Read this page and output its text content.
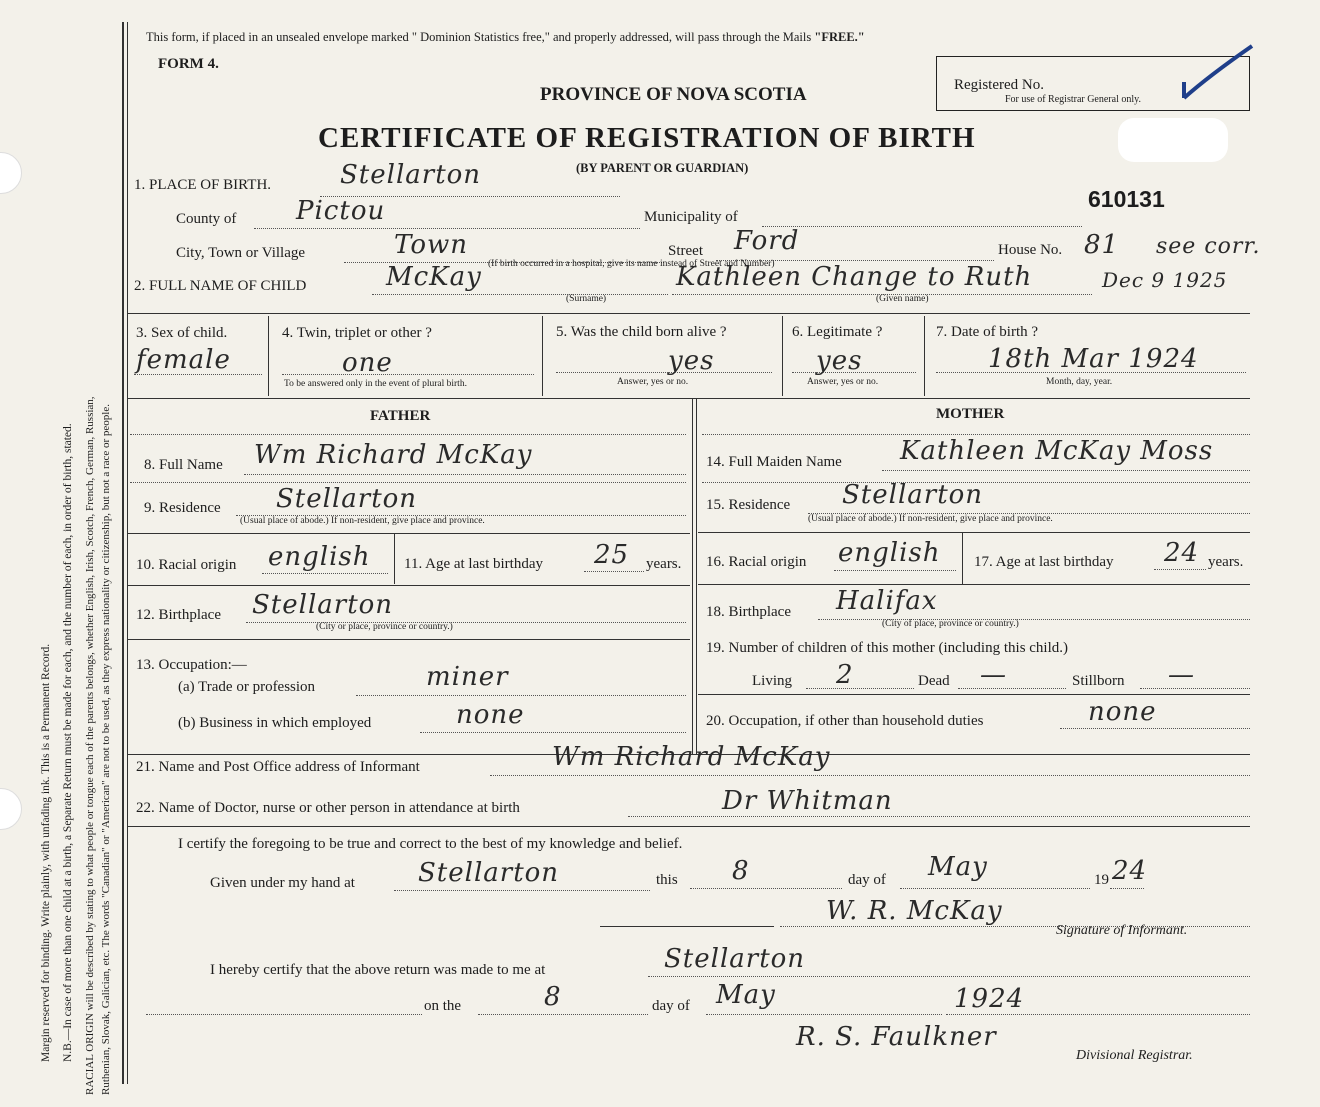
Margin reserved for binding. Write plainly, with unfading ink. This is a Permanent Record. N.B.—In case of more than one child at a birth, a Separate Return must be made for each, and the number of each, in order of birth, stated. RACIAL ORIGIN will be described by stating to what people or tongue each of the parents belongs, whether English, Irish, Scotch, French, German, Russian, Ruthenian, Slovak, Galician, etc. The words "Canadian" or "American" are not to be used, as they express nationality or citizenship, but not a race or people.
This form, if placed in an unsealed envelope marked " Dominion Statistics free," and properly addressed, will pass through the Mails "FREE."
FORM 4.
PROVINCE OF NOVA SCOTIA
CERTIFICATE OF REGISTRATION OF BIRTH
(BY PARENT OR GUARDIAN)
Registered No.
For use of Registrar General only.
610131
1. PLACE OF BIRTH.	Stellarton
County of Pictou	Municipality of
City, Town or Village	Town	Street Ford
(If birth occurred in a hospital, give its name instead of Street and Number)
House No. 81 see corr.
2. FULL NAME OF CHILD	McKay
(Surname)
Kathleen Change to Ruth
(Given name)
Dec 9 1925
3. Sex of child.
female
4. Twin, triplet or other ?
one
To be answered only in the event of plural birth.
5. Was the child born alive ?
yes
Answer, yes or no.
6. Legitimate ?
yes
Answer, yes or no.
7. Date of birth ?
18th Mar 1924
Month, day, year.
FATHER
8. Full Name Wm Richard McKay
9. Residence Stellarton
(Usual place of abode.) If non-resident, give place and province.
10. Racial origin english 11. Age at last birthday 25 years.
12. Birthplace Stellarton
(City or place, province or country.)
13. Occupation:—
(a) Trade or profession	miner
(b) Business in which employed	none
MOTHER
14. Full Maiden Name Kathleen McKay Moss
15. Residence Stellarton
(Usual place of abode.) If non-resident, give place and province.
16. Racial origin english 17. Age at last birthday 24 years.
18. Birthplace Halifax
(City of place, province or country.)
19. Number of children of this mother (including this child.)
Living 2	Dead —	Stillborn —
20. Occupation, if other than household duties	none
21. Name and Post Office address of Informant	Wm Richard McKay
22. Name of Doctor, nurse or other person in attendance at birth	Dr Whitman
I certify the foregoing to be true and correct to the best of my knowledge and belief.
Given under my hand at Stellarton	this 8	day of May	19 24
W. R. McKay
Signature of Informant.
I hereby certify that the above return was made to me at	Stellarton
on the	8	day of May	1924
R. S. Faulkner
Divisional Registrar.
